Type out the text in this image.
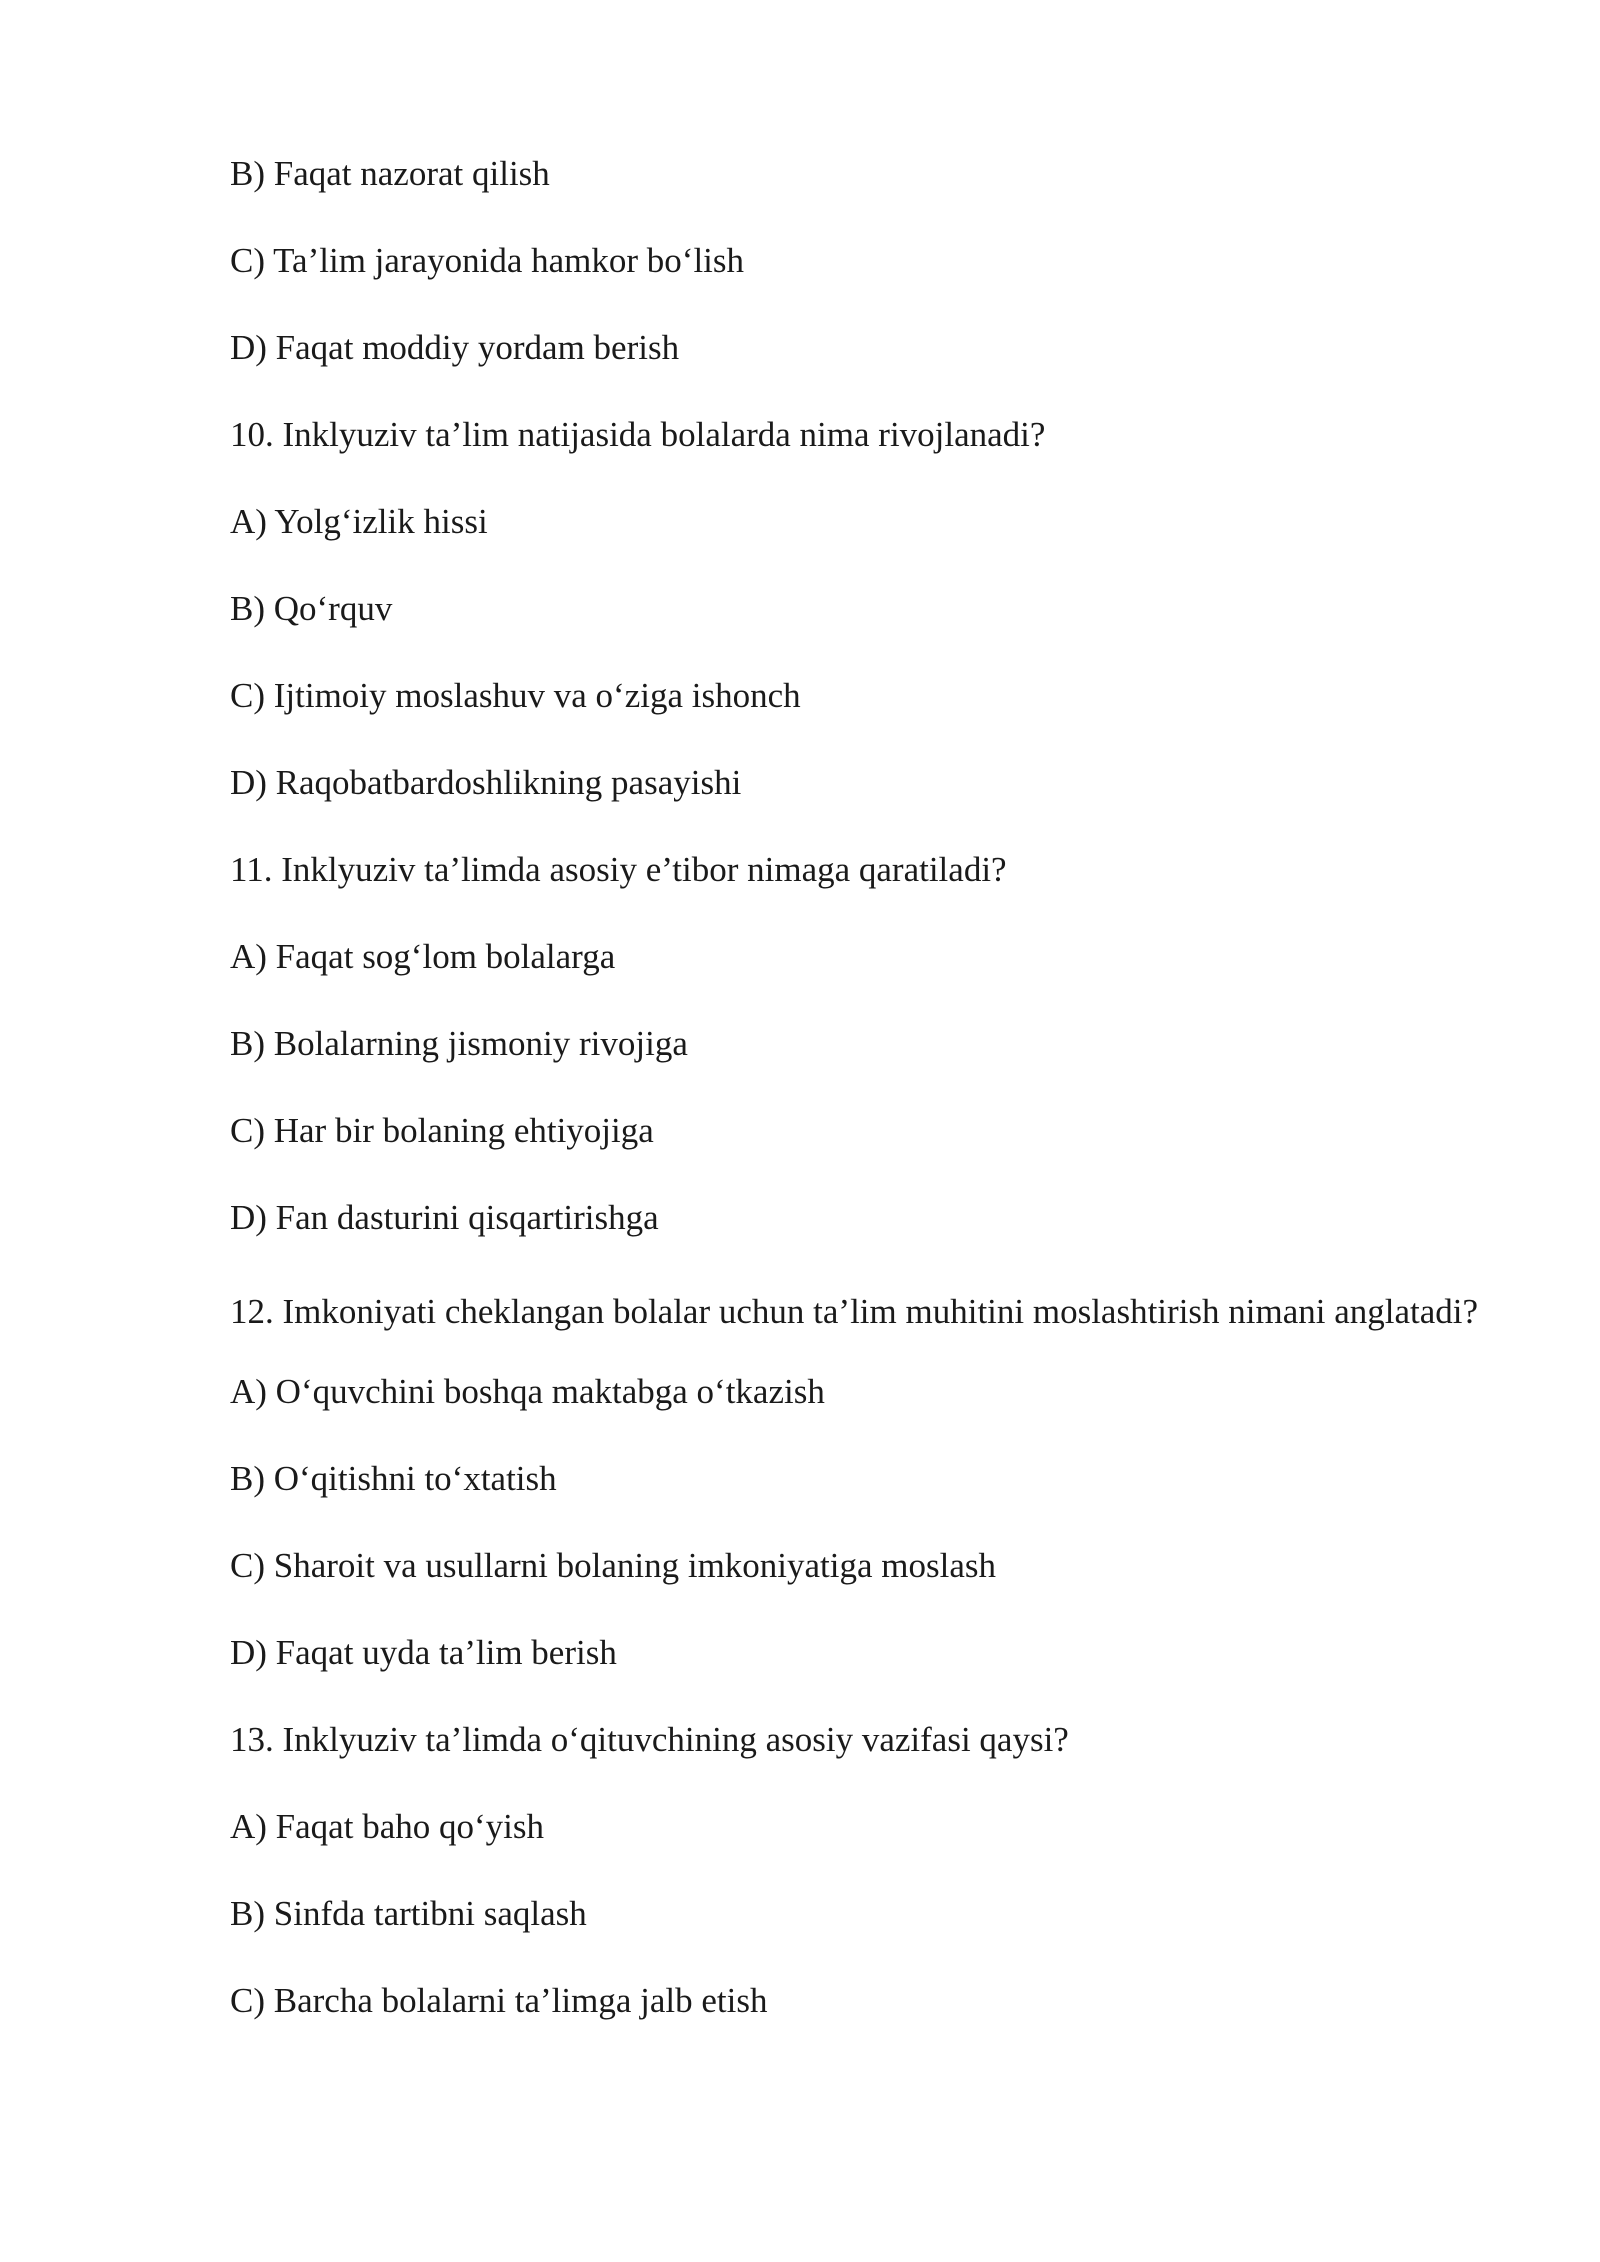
B) Faqat nazorat qilish
C) Ta’lim jarayonida hamkor bo‘lish
D) Faqat moddiy yordam berish
10. Inklyuziv ta’lim natijasida bolalarda nima rivojlanadi?
A) Yolg‘izlik hissi
B) Qo‘rquv
C) Ijtimoiy moslashuv va o‘ziga ishonch
D) Raqobatbardoshlikning pasayishi
11. Inklyuziv ta’limda asosiy e’tibor nimaga qaratiladi?
A) Faqat sog‘lom bolalarga
B) Bolalarning jismoniy rivojiga
C) Har bir bolaning ehtiyojiga
D) Fan dasturini qisqartirishga
12. Imkoniyati cheklangan bolalar uchun ta’lim muhitini moslashtirish nimani anglatadi?
A) O‘quvchini boshqa maktabga o‘tkazish
B) O‘qitishni to‘xtatish
C) Sharoit va usullarni bolaning imkoniyatiga moslash
D) Faqat uyda ta’lim berish
13. Inklyuziv ta’limda o‘qituvchining asosiy vazifasi qaysi?
A) Faqat baho qo‘yish
B) Sinfda tartibni saqlash
C) Barcha bolalarni ta’limga jalb etish
